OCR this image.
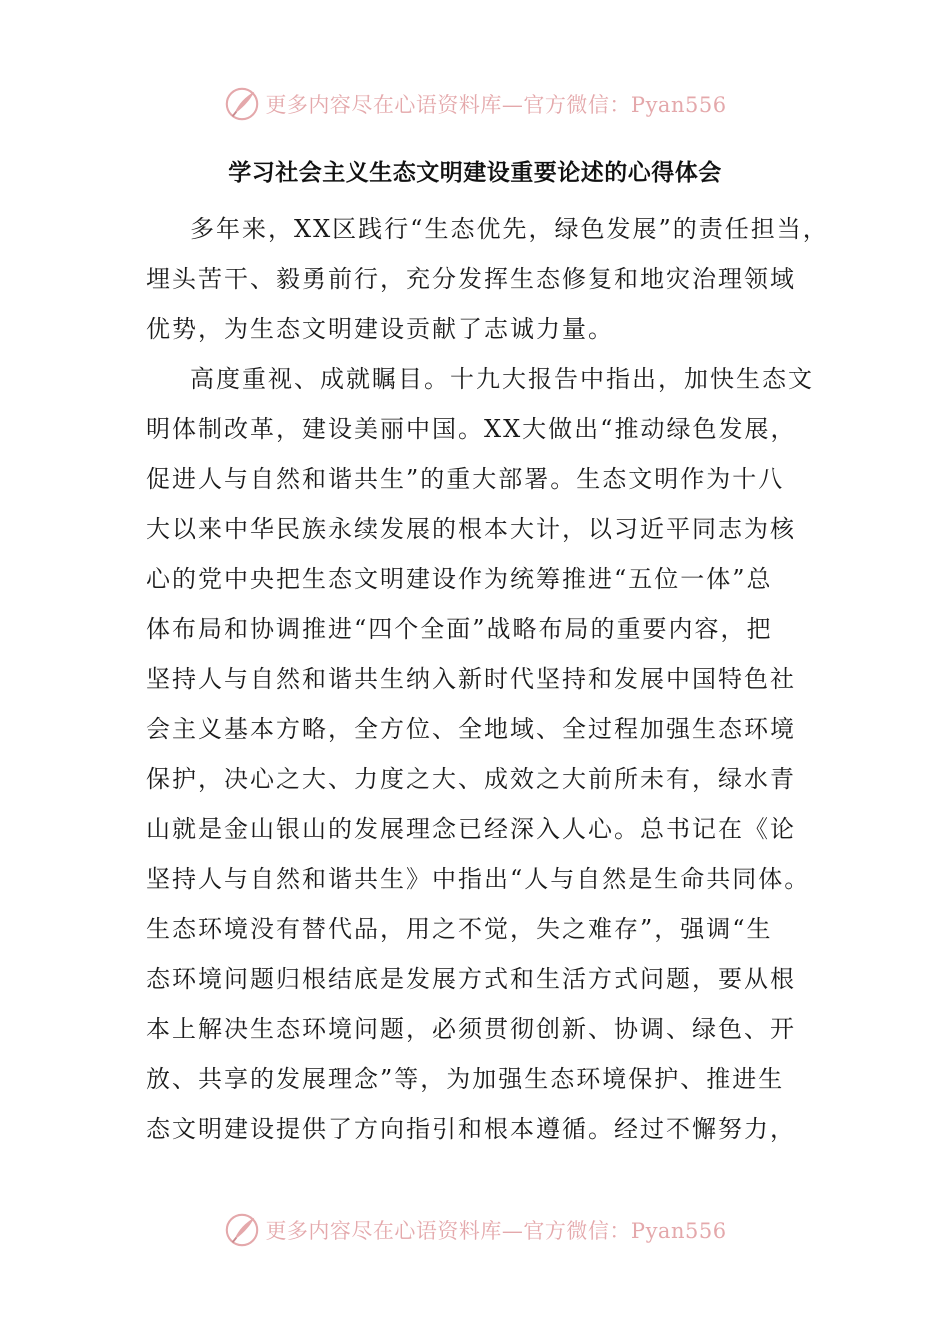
更多内容尽在心语资料库—官方微信：Pyan556
学习社会主义生态文明建设重要论述的心得体会
多年来，XX区践行“生态优先，绿色发展”的责任担当，
埋头苦干、毅勇前行，充分发挥生态修复和地灾治理领域
优势，为生态文明建设贡献了志诚力量。
高度重视、成就瞩目。十九大报告中指出，加快生态文
明体制改革，建设美丽中国。XX大做出“推动绿色发展，
促进人与自然和谐共生”的重大部署。生态文明作为十八
大以来中华民族永续发展的根本大计，以习近平同志为核
心的党中央把生态文明建设作为统筹推进“五位一体”总
体布局和协调推进“四个全面”战略布局的重要内容，把
坚持人与自然和谐共生纳入新时代坚持和发展中国特色社
会主义基本方略，全方位、全地域、全过程加强生态环境
保护，决心之大、力度之大、成效之大前所未有，绿水青
山就是金山银山的发展理念已经深入人心。总书记在《论
坚持人与自然和谐共生》中指出“人与自然是生命共同体。
生态环境没有替代品，用之不觉，失之难存”，强调“生
态环境问题归根结底是发展方式和生活方式问题，要从根
本上解决生态环境问题，必须贯彻创新、协调、绿色、开
放、共享的发展理念”等，为加强生态环境保护、推进生
态文明建设提供了方向指引和根本遵循。经过不懈努力，
更多内容尽在心语资料库—官方微信：Pyan556
